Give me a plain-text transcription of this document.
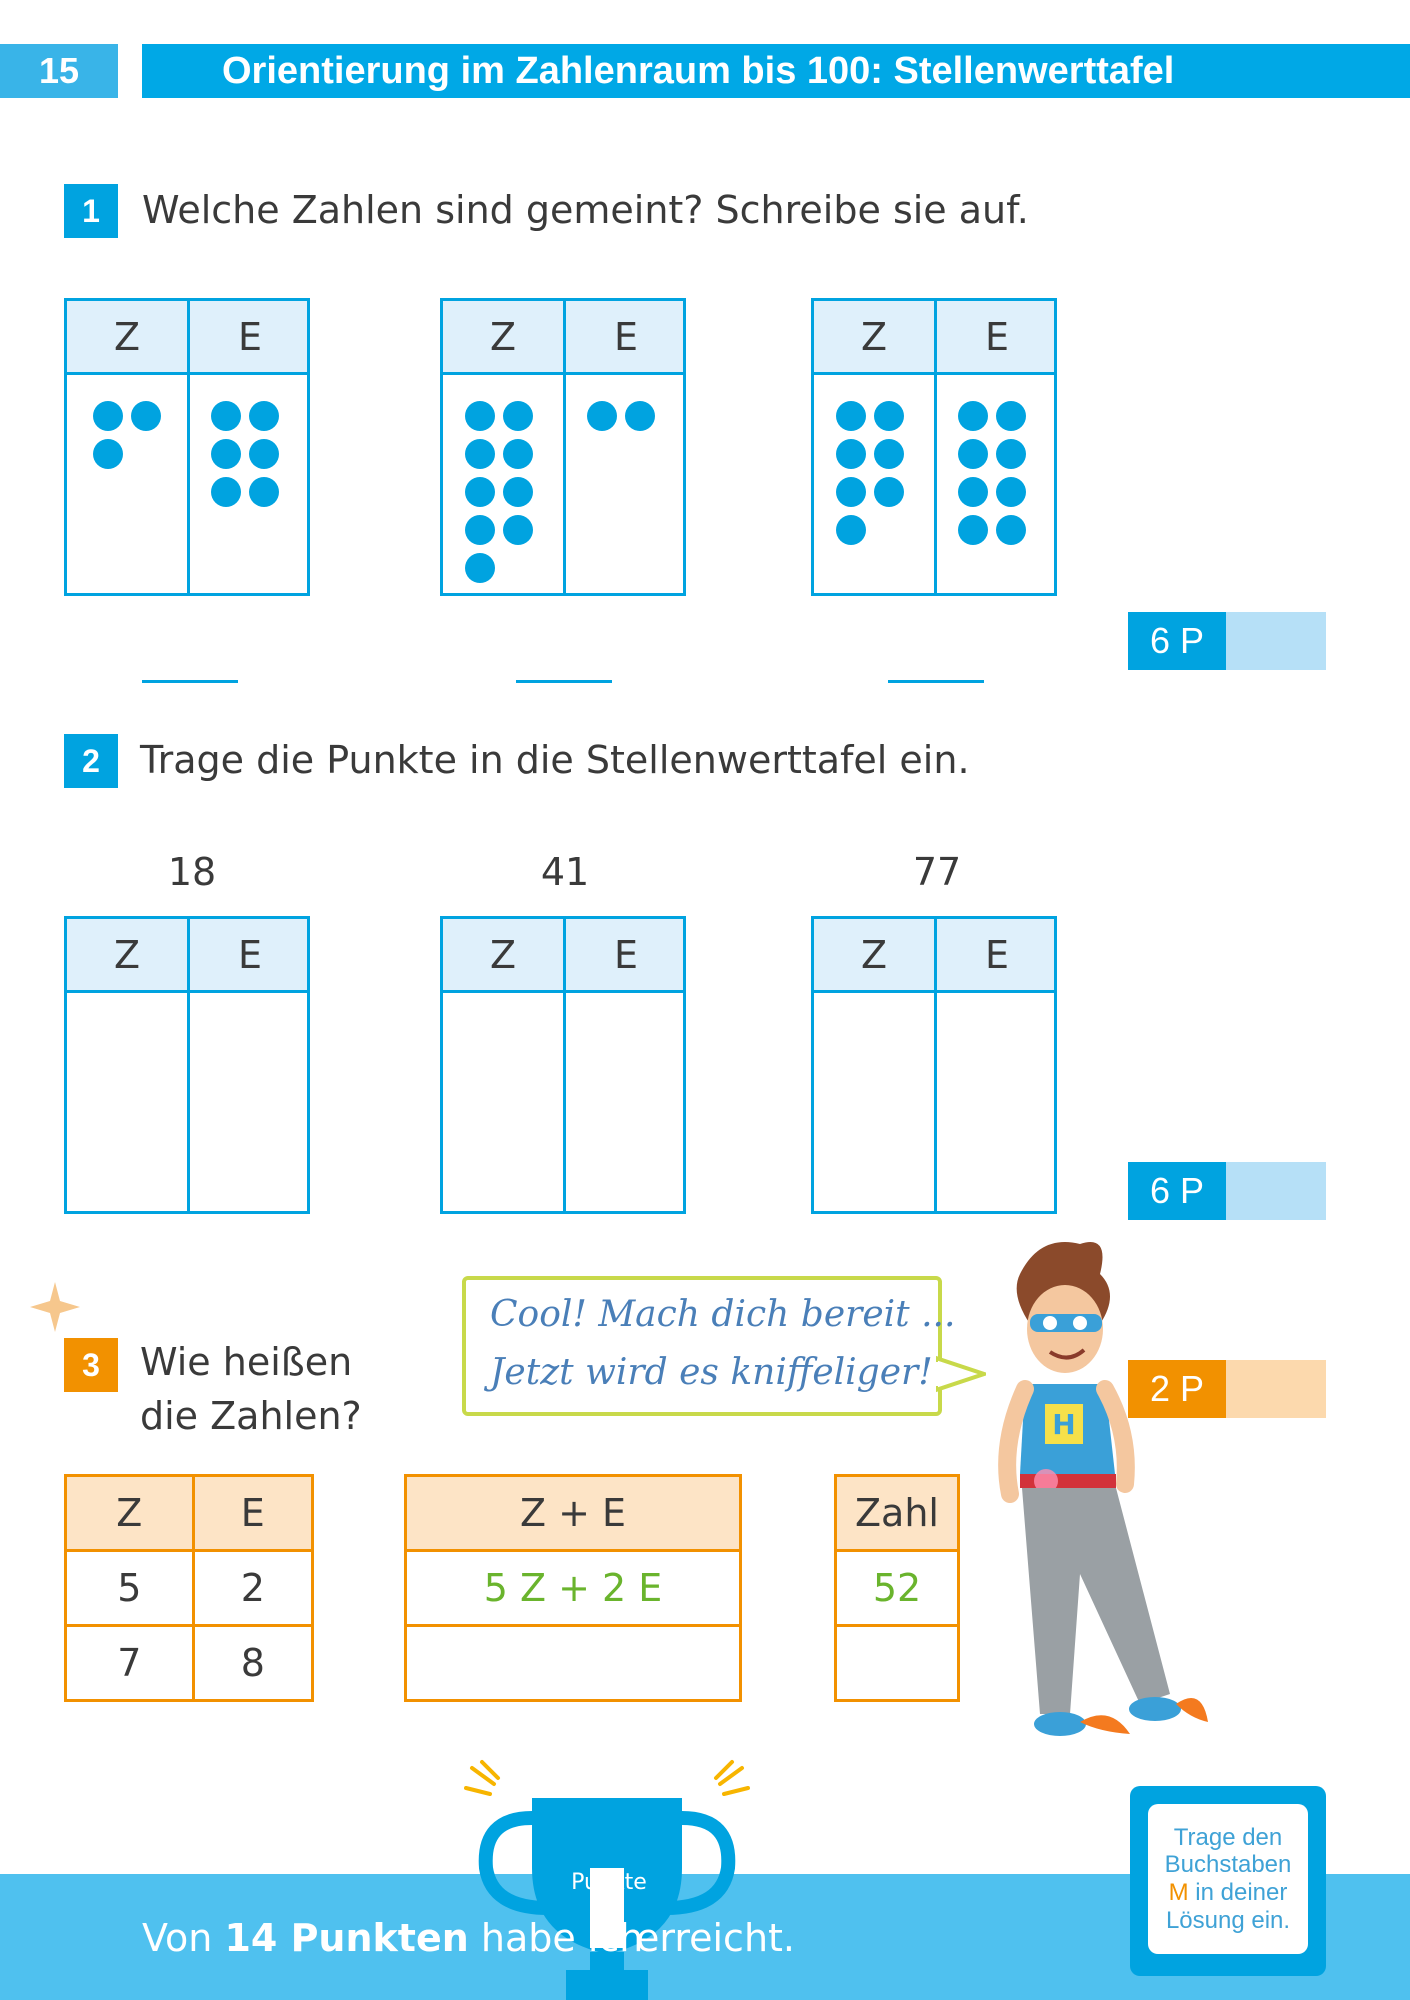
15	Orientierung im Zahlenraum bis 100: Stellenwerttafel
1	Welche Zahlen sind gemeint? Schreibe sie auf.
Z	E	Z	E	Z	E
6 P
2	Trage die Punkte in die Stellenwerttafel ein.
18	41	77
Z	E	Z	E	Z	E
6 P
3	Wie heißen
die Zahlen?
2 P
Z	E
5	2
7	8
Z + E
5 Z + 2 E

Zahl
52

Cool! Mach dich bereit ...
Jetzt wird es kniffeliger!
H
Punkte
Von 14 Punkten habe ich
erreicht.
Trage den
Buchstaben
M in deiner
Lösung ein.
